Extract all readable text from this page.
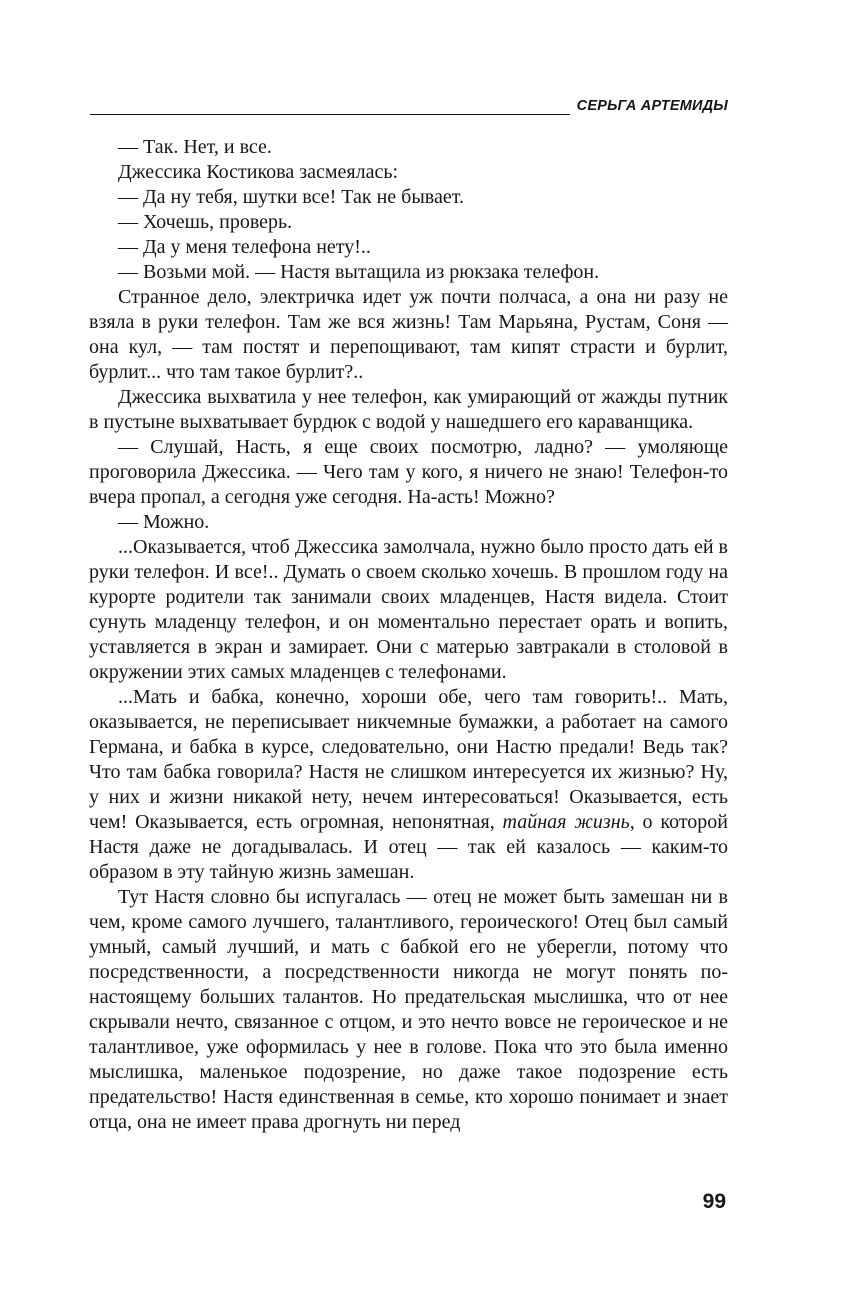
СЕРЬГА АРТЕМИДЫ

— Так. Нет, и все.

Джессика Костикова засмеялась:

— Да ну тебя, шутки все! Так не бывает.

— Хочешь, проверь.

— Да у меня телефона нету!..

— Возьми мой. — Настя вытащила из рюкзака телефон.

Странное дело, электричка идет уж почти полчаса, а она ни разу не взяла в руки телефон. Там же вся жизнь! Там Марьяна, Рустам, Соня — она кул, — там постят и перепощивают, там кипят страсти и бурлит, бурлит... что там такое бурлит?..

Джессика выхватила у нее телефон, как умирающий от жажды путник в пустыне выхватывает бурдюк с водой у нашедшего его караванщика.

— Слушай, Насть, я еще своих посмотрю, ладно? — умоляюще проговорила Джессика. — Чего там у кого, я ничего не знаю! Телефон-то вчера пропал, а сегодня уже сегодня. На-асть! Можно?

— Можно.

...Оказывается, чтоб Джессика замолчала, нужно было просто дать ей в руки телефон. И все!.. Думать о своем сколько хочешь. В прошлом году на курорте родители так занимали своих младенцев, Настя видела. Стоит сунуть младенцу телефон, и он моментально перестает орать и вопить, уставляется в экран и замирает. Они с матерью завтракали в столовой в окружении этих самых младенцев с телефонами.

...Мать и бабка, конечно, хороши обе, чего там говорить!.. Мать, оказывается, не переписывает никчемные бумажки, а работает на самого Германа, и бабка в курсе, следовательно, они Настю предали! Ведь так? Что там бабка говорила? Настя не слишком интересуется их жизнью? Ну, у них и жизни никакой нету, нечем интересоваться! Оказывается, есть чем! Оказывается, есть огромная, непонятная, тайная жизнь, о которой Настя даже не догадывалась. И отец — так ей казалось — каким-то образом в эту тайную жизнь замешан.

Тут Настя словно бы испугалась — отец не может быть замешан ни в чем, кроме самого лучшего, талантливого, героического! Отец был самый умный, самый лучший, и мать с бабкой его не уберегли, потому что посредственности, а посредственности никогда не могут понять по-настоящему больших талантов. Но предательская мыслишка, что от нее скрывали нечто, связанное с отцом, и это нечто вовсе не героическое и не талантливое, уже оформилась у нее в голове. Пока что это была именно мыслишка, маленькое подозрение, но даже такое подозрение есть предательство! Настя единственная в семье, кто хорошо понимает и знает отца, она не имеет права дрогнуть ни перед

99
